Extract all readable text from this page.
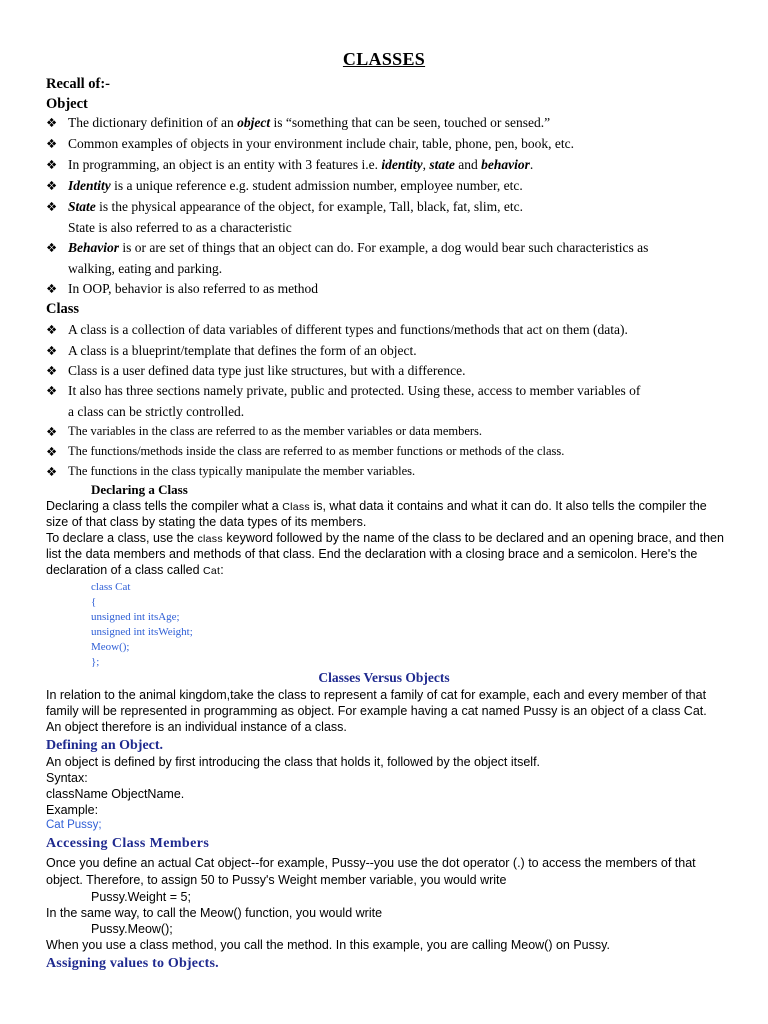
CLASSES
Recall of:-
Object
❖ The dictionary definition of an object is “something that can be seen, touched or sensed.”
❖ Common examples of objects in your environment include chair, table, phone, pen, book, etc.
❖ In programming, an object is an entity with 3 features i.e. identity, state and behavior.
❖ Identity is a unique reference e.g. student admission number, employee number, etc.
❖ State is the physical appearance of the object, for example, Tall, black, fat, slim, etc.
State is also referred to as a characteristic
❖ Behavior is or are set of things that an object can do. For example, a dog would bear such characteristics as
walking, eating and parking.
❖ In OOP, behavior is also referred to as method
Class
❖ A class is a collection of data variables of different types and functions/methods that act on them (data).
❖ A class is a blueprint/template that defines the form of an object.
❖ Class is a user defined data type just like structures, but with a difference.
❖ It also has three sections namely private, public and protected. Using these, access to member variables of
a class can be strictly controlled.
❖ The variables in the class are referred to as the member variables or data members.
❖ The functions/methods inside the class are referred to as member functions or methods of the class.
❖ The functions in the class typically manipulate the member variables.
Declaring a Class
Declaring a class tells the compiler what a Class is, what data it contains and what it can do. It also tells the compiler the
size of that class by stating the data types of its members.
To declare a class, use the class keyword followed by the name of the class to be declared and an opening brace, and then
list the data members and methods of that class. End the declaration with a closing brace and a semicolon. Here's the
declaration of a class called Cat:
class Cat
{
unsigned int itsAge;
unsigned int itsWeight;
Meow();
};
Classes Versus Objects
In relation to the animal kingdom,take the class to represent a family of cat for example, each and every member of that
family will be represented in programming as object. For example having a cat named Pussy is an object of a class Cat.
An object therefore is an individual instance of a class.
Defining an Object.
An object is defined by first introducing the class that holds it, followed by the object itself.
Syntax:
className ObjectName.
Example:
Cat Pussy;
Accessing Class Members
Once you define an actual Cat object--for example, Pussy--you use the dot operator (.) to access the members of that
object. Therefore, to assign 50 to Pussy's Weight member variable, you would write
Pussy.Weight = 5;
In the same way, to call the Meow() function, you would write
Pussy.Meow();
When you use a class method, you call the method. In this example, you are calling Meow() on Pussy.
Assigning values to Objects.
